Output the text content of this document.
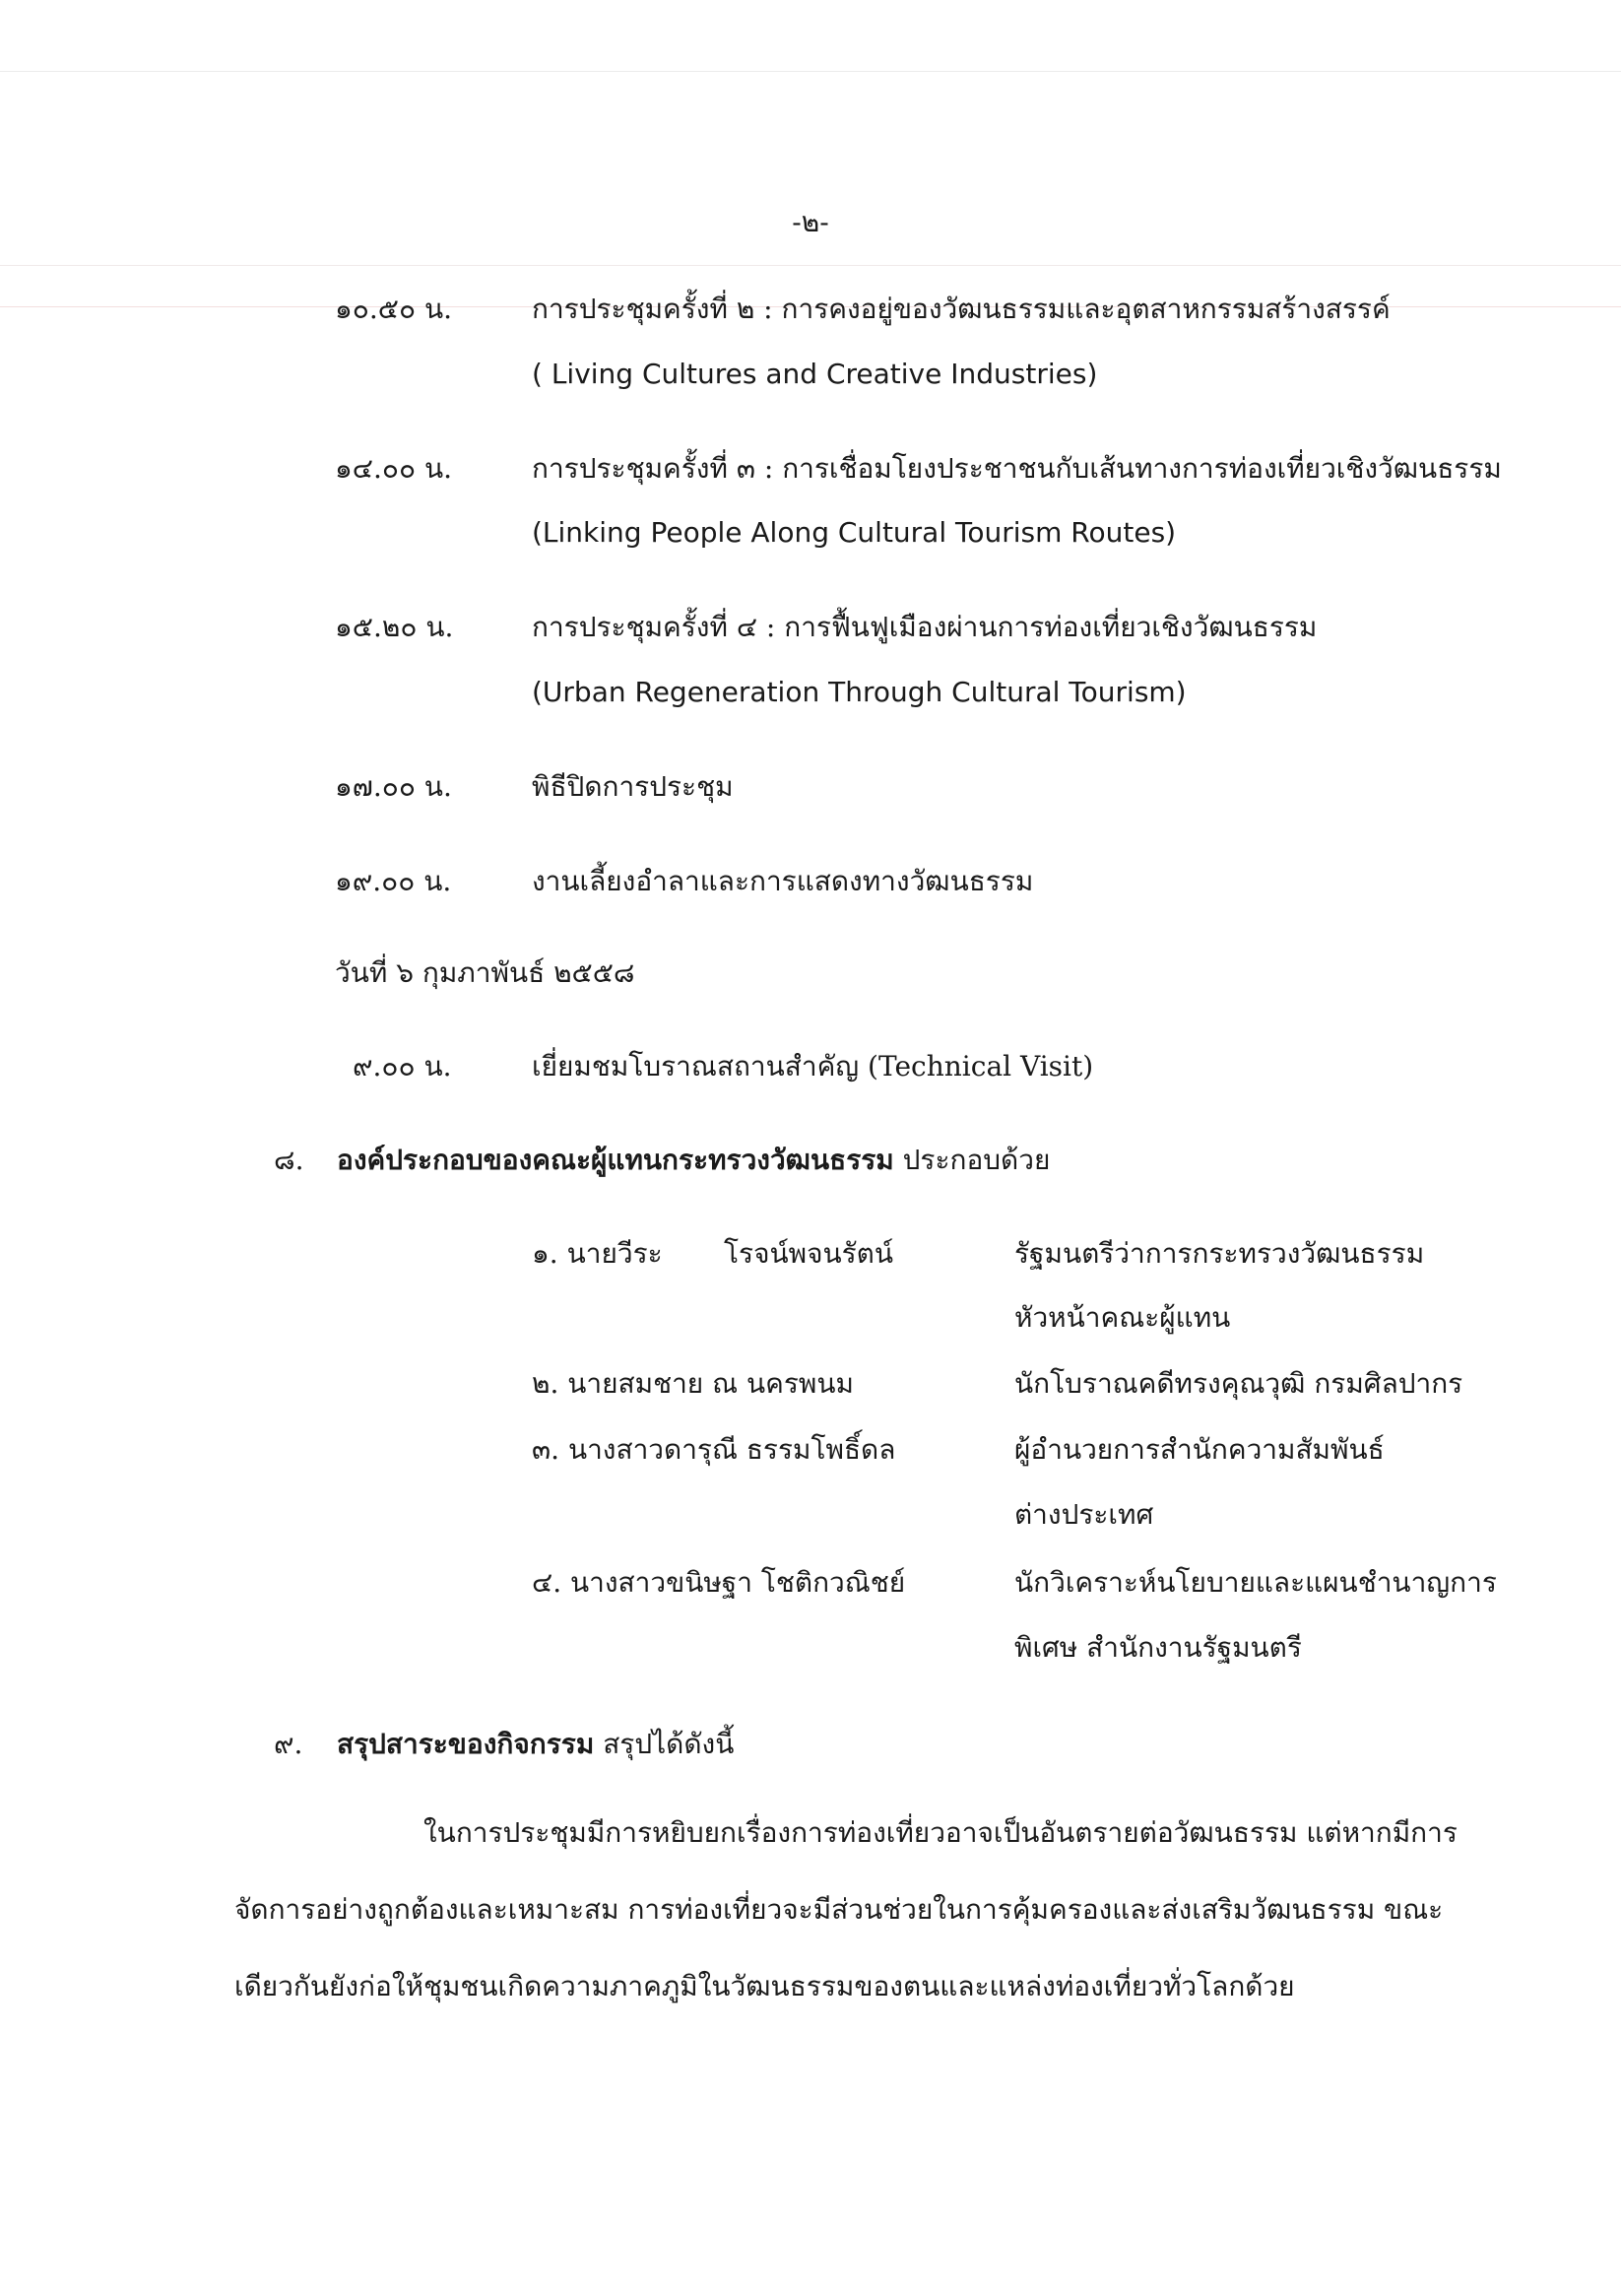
-๒-
๑๐.๕๐ น.	การประชุมครั้งที่ ๒ : การคงอยู่ของวัฒนธรรมและอุตสาหกรรมสร้างสรรค์
( Living Cultures and Creative Industries)
๑๔.๐๐ น.	การประชุมครั้งที่ ๓ : การเชื่อมโยงประชาชนกับเส้นทางการท่องเที่ยวเชิงวัฒนธรรม
(Linking People Along Cultural Tourism Routes)
๑๕.๒๐ น.	การประชุมครั้งที่ ๔ : การฟื้นฟูเมืองผ่านการท่องเที่ยวเชิงวัฒนธรรม
(Urban Regeneration Through Cultural Tourism)
๑๗.๐๐ น.	พิธีปิดการประชุม
๑๙.๐๐ น.	งานเลี้ยงอำลาและการแสดงทางวัฒนธรรม
วันที่ ๖ กุมภาพันธ์ ๒๕๕๘
๙.๐๐ น.	เยี่ยมชมโบราณสถานสำคัญ (Technical Visit)
๘. องค์ประกอบของคณะผู้แทนกระทรวงวัฒนธรรม ประกอบด้วย
๑. นายวีระ โรจน์พจนรัตน์	รัฐมนตรีว่าการกระทรวงวัฒนธรรม
หัวหน้าคณะผู้แทน
๒. นายสมชาย ณ นครพนม	นักโบราณคดีทรงคุณวุฒิ กรมศิลปากร
๓. นางสาวดารุณี ธรรมโพธิ์ดล	ผู้อำนวยการสำนักความสัมพันธ์
ต่างประเทศ
๔. นางสาวขนิษฐา โชติกวณิชย์	นักวิเคราะห์นโยบายและแผนชำนาญการ
พิเศษ สำนักงานรัฐมนตรี
๙. สรุปสาระของกิจกรรม สรุปได้ดังนี้
ในการประชุมมีการหยิบยกเรื่องการท่องเที่ยวอาจเป็นอันตรายต่อวัฒนธรรม แต่หากมีการจัดการอย่างถูกต้องและเหมาะสม การท่องเที่ยวจะมีส่วนช่วยในการคุ้มครองและส่งเสริมวัฒนธรรม ขณะเดียวกันยังก่อให้ชุมชนเกิดความภาคภูมิในวัฒนธรรมของตนและแหล่งท่องเที่ยวทั่วโลกด้วย
